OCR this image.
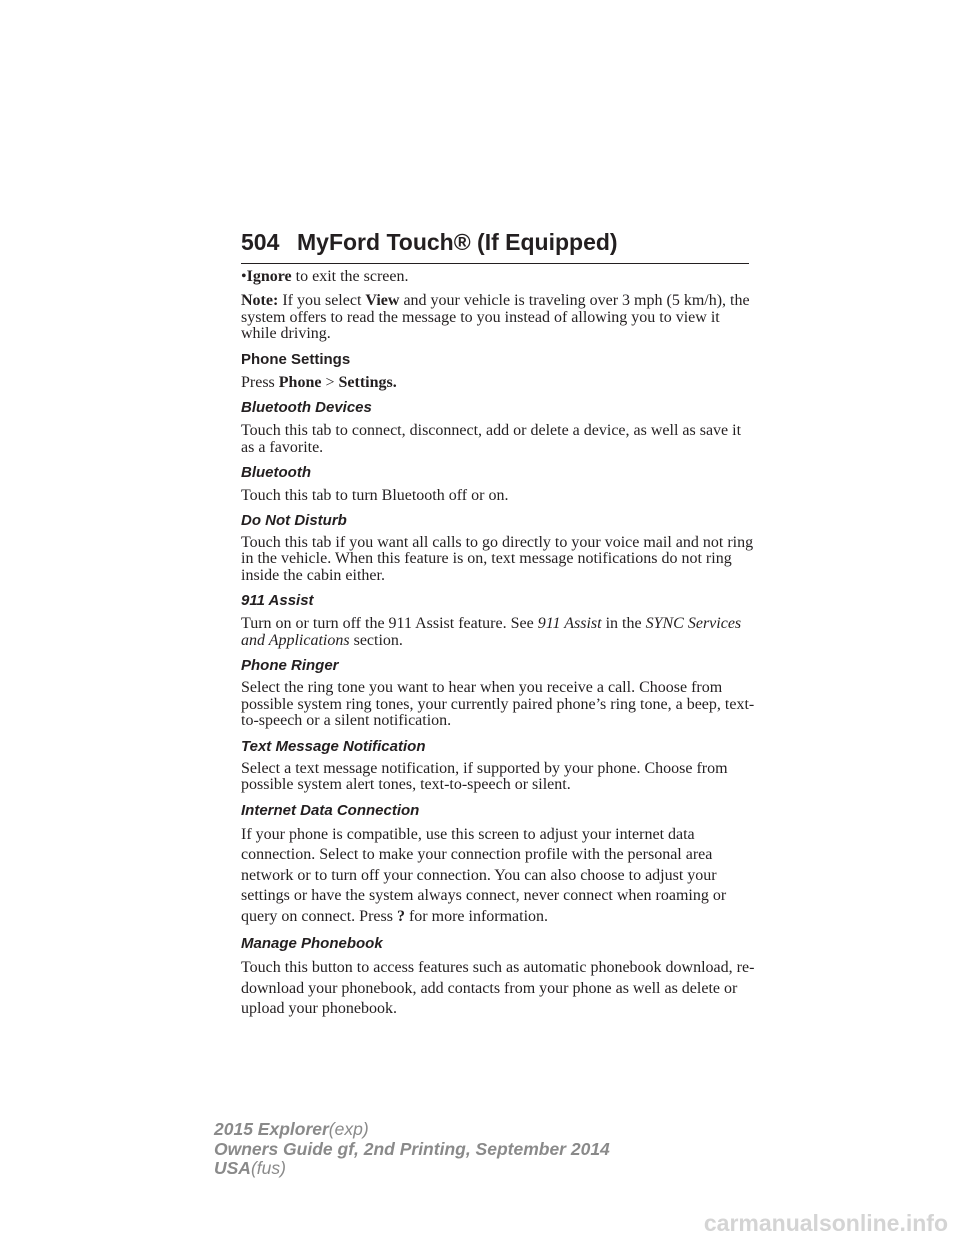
504 MyFord Touch® (If Equipped)

•Ignore to exit the screen.

Note: If you select View and your vehicle is traveling over 3 mph (5 km/h), the system offers to read the message to you instead of allowing you to view it while driving.

Phone Settings

Press Phone > Settings.

Bluetooth Devices

Touch this tab to connect, disconnect, add or delete a device, as well as save it as a favorite.

Bluetooth

Touch this tab to turn Bluetooth off or on.

Do Not Disturb

Touch this tab if you want all calls to go directly to your voice mail and not ring in the vehicle. When this feature is on, text message notifications do not ring inside the cabin either.

911 Assist

Turn on or turn off the 911 Assist feature. See 911 Assist in the SYNC Services and Applications section.

Phone Ringer

Select the ring tone you want to hear when you receive a call. Choose from possible system ring tones, your currently paired phone’s ring tone, a beep, text-to-speech or a silent notification.

Text Message Notification

Select a text message notification, if supported by your phone. Choose from possible system alert tones, text-to-speech or silent.

Internet Data Connection

If your phone is compatible, use this screen to adjust your internet data connection. Select to make your connection profile with the personal area network or to turn off your connection. You can also choose to adjust your settings or have the system always connect, never connect when roaming or query on connect. Press ? for more information.

Manage Phonebook

Touch this button to access features such as automatic phonebook download, re-download your phonebook, add contacts from your phone as well as delete or upload your phonebook.

2015 Explorer(exp)
Owners Guide gf, 2nd Printing, September 2014
USA(fus)
carmanualsonline.info
